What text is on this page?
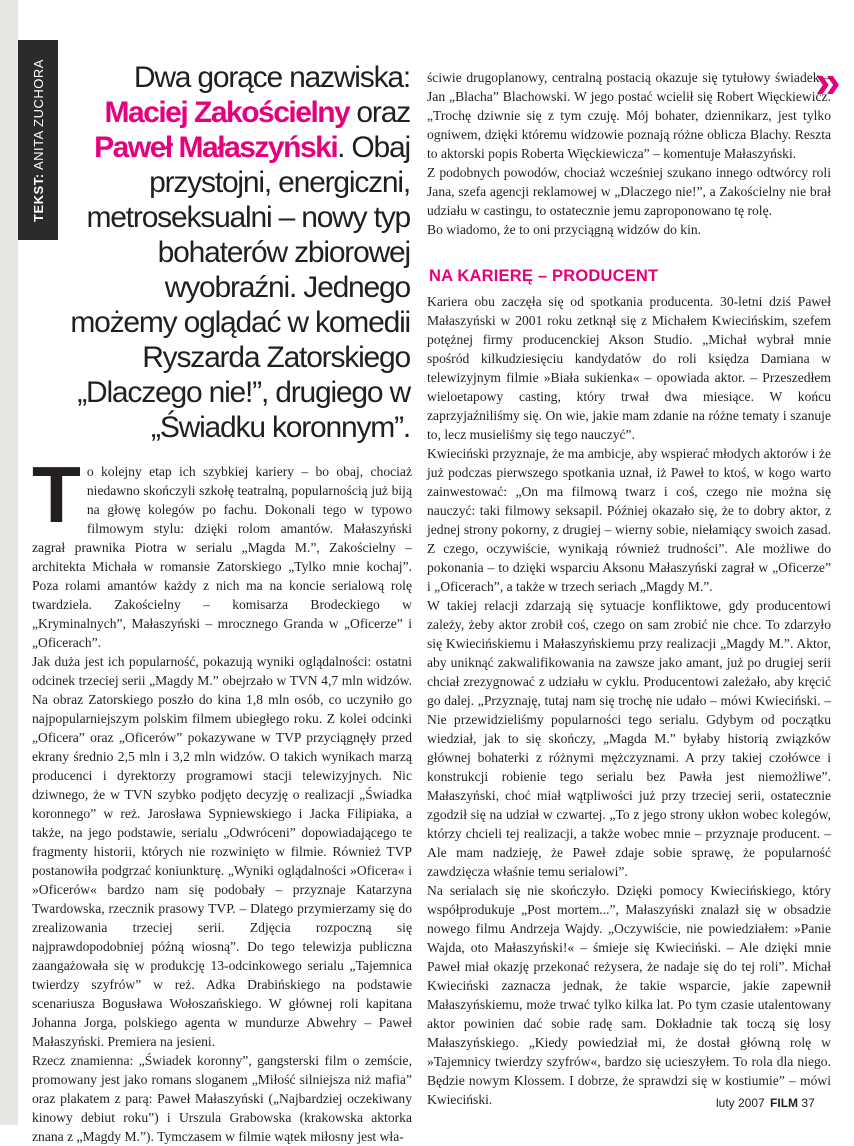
TEKST: ANITA ZUCHORA	»
Dwa gorące nazwiska: Maciej Zakościelny oraz Paweł Małaszyński. Obaj przystojni, energiczni, metroseksualni – nowy typ bohaterów zbiorowej wyobraźni. Jednego możemy oglądać w komedii Ryszarda Zatorskiego „Dlaczego nie!”, drugiego w „Świadku koronnym”.

To kolejny etap ich szybkiej kariery – bo obaj, chociaż niedawno skończyli szkołę teatralną, popularnością już biją na głowę kolegów po fachu. Dokonali tego w typowo filmowym stylu: dzięki rolom amantów. Małaszyński zagrał prawnika Piotra w serialu „Magda M.”, Zakościelny – architekta Michała w romansie Zatorskiego „Tylko mnie kochaj”. Poza rolami amantów każdy z nich ma na koncie serialową rolę twardziela. Zakościelny – komisarza Brodeckiego w „Kryminalnych”, Małaszyński – mrocznego Granda w „Oficerze” i „Oficerach”.

Jak duża jest ich popularność, pokazują wyniki oglądalności: ostatni odcinek trzeciej serii „Magdy M.” obejrzało w TVN 4,7 mln widzów. Na obraz Zatorskiego poszło do kina 1,8 mln osób, co uczyniło go najpopularniejszym polskim filmem ubiegłego roku. Z kolei odcinki „Oficera” oraz „Oficerów” pokazywane w TVP przyciągnęły przed ekrany średnio 2,5 mln i 3,2 mln widzów. O takich wynikach marzą producenci i dyrektorzy programowi stacji telewizyjnych. Nic dziwnego, że w TVN szybko podjęto decyzję o realizacji „Świadka koronnego” w reż. Jarosława Sypniewskiego i Jacka Filipiaka, a także, na jego podstawie, serialu „Odwróceni” dopowiadającego te fragmenty historii, których nie rozwinięto w filmie. Również TVP postanowiła podgrzać koniunkturę. „Wyniki oglądalności »Oficera« i »Oficerów« bardzo nam się podobały – przyznaje Katarzyna Twardowska, rzecznik prasowy TVP. – Dlatego przymierzamy się do zrealizowania trzeciej serii. Zdjęcia rozpoczną się najprawdopodobniej późną wiosną”. Do tego telewizja publiczna zaangażowała się w produkcję 13-odcinkowego serialu „Tajemnica twierdzy szyfrów” w reż. Adka Drabińskiego na podstawie scenariusza Bogusława Wołoszańskiego. W głównej roli kapitana Johanna Jorga, polskiego agenta w mundurze Abwehry – Paweł Małaszyński. Premiera na jesieni.

Rzecz znamienna: „Świadek koronny”, gangsterski film o zemście, promowany jest jako romans sloganem „Miłość silniejsza niż mafia” oraz plakatem z parą: Paweł Małaszyński („Najbardziej oczekiwany kinowy debiut roku”) i Urszula Grabowska (krakowska aktorka znana z „Magdy M.”). Tymczasem w filmie wątek miłosny jest wła-

ściwie drugoplanowy, centralną postacią okazuje się tytułowy świadek – Jan „Blacha” Blachowski. W jego postać wcielił się Robert Więckiewicz. „Trochę dziwnie się z tym czuję. Mój bohater, dziennikarz, jest tylko ogniwem, dzięki któremu widzowie poznają różne oblicza Blachy. Reszta to aktorski popis Roberta Więckiewicza” – komentuje Małaszyński.

Z podobnych powodów, chociaż wcześniej szukano innego odtwórcy roli Jana, szefa agencji reklamowej w „Dlaczego nie!”, a Zakościelny nie brał udziału w castingu, to ostatecznie jemu zaproponowano tę rolę.

Bo wiadomo, że to oni przyciągną widzów do kin.

NA KARIERĘ – PRODUCENT

Kariera obu zaczęła się od spotkania producenta. 30-letni dziś Paweł Małaszyński w 2001 roku zetknął się z Michałem Kwiecińskim, szefem potężnej firmy producenckiej Akson Studio. „Michał wybrał mnie spośród kilkudziesięciu kandydatów do roli księdza Damiana w telewizyjnym filmie »Biała sukienka« – opowiada aktor. – Przeszedłem wieloetapowy casting, który trwał dwa miesiące. W końcu zaprzyjaźniliśmy się. On wie, jakie mam zdanie na różne tematy i szanuje to, lecz musieliśmy się tego nauczyć”.

Kwieciński przyznaje, że ma ambicje, aby wspierać młodych aktorów i że już podczas pierwszego spotkania uznał, iż Paweł to ktoś, w kogo warto zainwestować: „On ma filmową twarz i coś, czego nie można się nauczyć: taki filmowy seksapil. Później okazało się, że to dobry aktor, z jednej strony pokorny, z drugiej – wierny sobie, niełamiący swoich zasad. Z czego, oczywiście, wynikają również trudności”. Ale możliwe do pokonania – to dzięki wsparciu Aksonu Małaszyński zagrał w „Oficerze” i „Oficerach”, a także w trzech seriach „Magdy M.”.

W takiej relacji zdarzają się sytuacje konfliktowe, gdy producentowi zależy, żeby aktor zrobił coś, czego on sam zrobić nie chce. To zdarzyło się Kwiecińskiemu i Małaszyńskiemu przy realizacji „Magdy M.”. Aktor, aby uniknąć zakwalifikowania na zawsze jako amant, już po drugiej serii chciał zrezygnować z udziału w cyklu. Producentowi zależało, aby kręcić go dalej. „Przyznaję, tutaj nam się trochę nie udało – mówi Kwieciński. – Nie przewidzieliśmy popularności tego serialu. Gdybym od początku wiedział, jak to się skończy, „Magda M.” byłaby historią związków głównej bohaterki z różnymi mężczyznami. A przy takiej czołówce i konstrukcji robienie tego serialu bez Pawła jest niemożliwe”. Małaszyński, choć miał wątpliwości już przy trzeciej serii, ostatecznie zgodził się na udział w czwartej. „To z jego strony ukłon wobec kolegów, którzy chcieli tej realizacji, a także wobec mnie – przyznaje producent. – Ale mam nadzieję, że Paweł zdaje sobie sprawę, że popularność zawdzięcza właśnie temu serialowi”.

Na serialach się nie skończyło. Dzięki pomocy Kwiecińskiego, który współprodukuje „Post mortem...”, Małaszyński znalazł się w obsadzie nowego filmu Andrzeja Wajdy. „Oczywiście, nie powiedziałem: »Panie Wajda, oto Małaszyński!« – śmieje się Kwieciński. – Ale dzięki mnie Paweł miał okazję przekonać reżysera, że nadaje się do tej roli”. Michał Kwieciński zaznacza jednak, że takie wsparcie, jakie zapewnił Małaszyńskiemu, może trwać tylko kilka lat. Po tym czasie utalentowany aktor powinien dać sobie radę sam. Dokładnie tak toczą się losy Małaszyńskiego. „Kiedy powiedział mi, że dostał główną rolę w »Tajemnicy twierdzy szyfrów«, bardzo się ucieszyłem. To rola dla niego. Będzie nowym Klossem. I dobrze, że sprawdzi się w kostiumie” – mówi Kwieciński.	luty 2007 FILM 37
